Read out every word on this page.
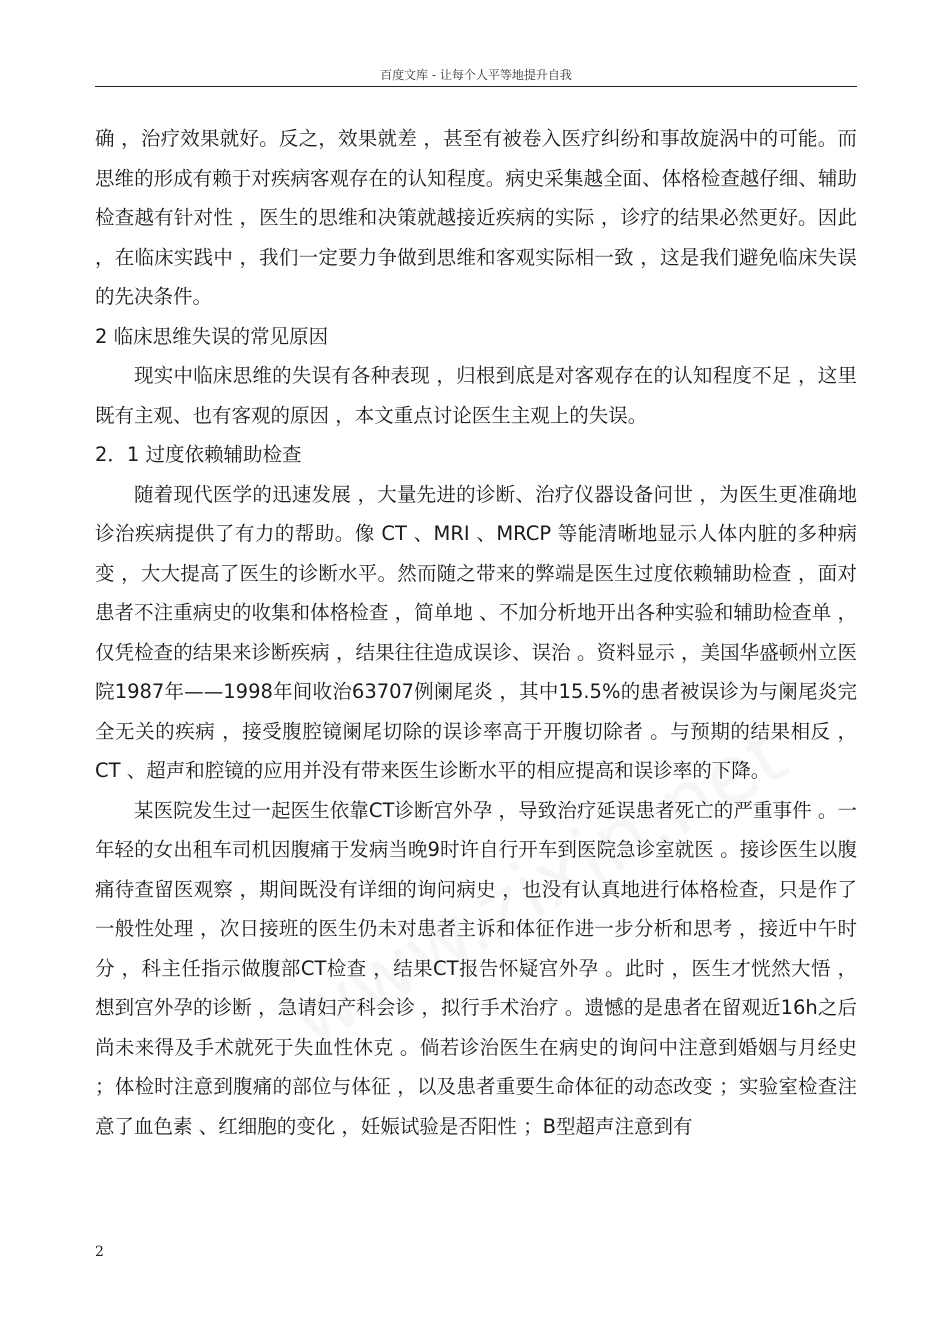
百度文库 - 让每个人平等地提升自我

确 ，治疗效果就好。反之，效果就差 ，甚至有被卷入医疗纠纷和事故旋涡中的可能。而思维的形成有赖于对疾病客观存在的认知程度。病史采集越全面、体格检查越仔细、辅助检查越有针对性 ，医生的思维和决策就越接近疾病的实际 ，诊疗的结果必然更好。因此 ，在临床实践中 ，我们一定要力争做到思维和客观实际相一致 ，这是我们避免临床失误的先决条件。

2 临床思维失误的常见原因

现实中临床思维的失误有各种表现 ，归根到底是对客观存在的认知程度不足 ，这里既有主观、也有客观的原因 ，本文重点讨论医生主观上的失误。

2．1 过度依赖辅助检查

随着现代医学的迅速发展 ，大量先进的诊断、治疗仪器设备问世 ，为医生更准确地诊治疾病提供了有力的帮助。像 CT 、MRI 、MRCP 等能清晰地显示人体内脏的多种病变 ，大大提高了医生的诊断水平。然而随之带来的弊端是医生过度依赖辅助检查 ，面对患者不注重病史的收集和体格检查 ，简单地 、不加分析地开出各种实验和辅助检查单 ，仅凭检查的结果来诊断疾病 ，结果往往造成误诊、误治 。资料显示 ，美国华盛顿州立医院1987年——1998年间收治63707例阑尾炎 ，其中15.5%的患者被误诊为与阑尾炎完全无关的疾病 ，接受腹腔镜阑尾切除的误诊率高于开腹切除者 。与预期的结果相反 ，CT 、超声和腔镜的应用并没有带来医生诊断水平的相应提高和误诊率的下降。

某医院发生过一起医生依靠CT诊断宫外孕 ，导致治疗延误患者死亡的严重事件 。一年轻的女出租车司机因腹痛于发病当晚9时许自行开车到医院急诊室就医 。接诊医生以腹痛待查留医观察 ，期间既没有详细的询问病史 ，也没有认真地进行体格检查，只是作了一般性处理 ，次日接班的医生仍未对患者主诉和体征作进一步分析和思考 ，接近中午时分 ，科主任指示做腹部CT检查 ，结果CT报告怀疑宫外孕 。此时 ，医生才恍然大悟 ，想到宫外孕的诊断 ，急请妇产科会诊 ，拟行手术治疗 。遗憾的是患者在留观近16h之后尚未来得及手术就死于失血性休克 。倘若诊治医生在病史的询问中注意到婚姻与月经史 ；体检时注意到腹痛的部位与体征 ，以及患者重要生命体征的动态改变 ；实验室检查注意了血色素 、红细胞的变化 ，妊娠试验是否阳性 ；B型超声注意到有

2
